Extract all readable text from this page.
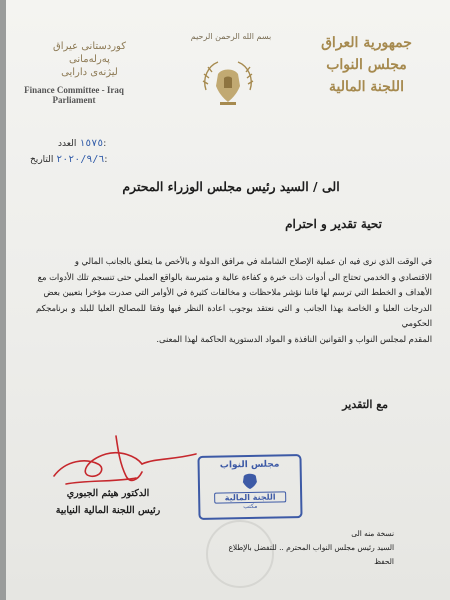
كوردستانی عیراق
پەرلەمانی
لیژنەی دارایی
Finance Committee - Iraq
Parliament
بسم الله الرحمن الرحيم	جمهورية العراق
مجلس النواب
اللجنة المالية
١٥٧٥ العدد:
٢٠٢٠/٩/٦ التاريخ:
الى / السيد رئيس مجلس الوزراء المحترم
تحية تقدير و احترام

في الوقت الذي نرى فيه ان عملية الإصلاح الشاملة في مرافق الدولة و بالأخص ما يتعلق بالجانب المالي و

الاقتصادي و الخدمي تحتاج الى أدوات ذات خبرة و كفاءة عالية و متمرسة بالواقع العملي حتى تنسجم تلك الأدوات مع

الأهداف و الخطط التي ترسم لها فاننا نؤشر ملاحظات و مخالفات كثيرة في الأوامر التي صدرت مؤخرا بتعيين بعض

الدرجات العليا و الخاصة بهذا الجانب و التي نعتقد بوجوب اعادة النظر فيها وفقا للمصالح العليا للبلد و برنامجكم الحكومي

المقدم لمجلس النواب و القوانين النافذة و المواد الدستورية الحاكمة لهذا المعنى.

مع التقدير
الدكتور هيثم الجبوري
رئيس اللجنة المالية النيابية
مجلس النواب
اللجنة المالية
مكتب
نسخة منه الى
السيد رئيس مجلس النواب المحترم .. للتفضل بالإطلاع
الحفظ
